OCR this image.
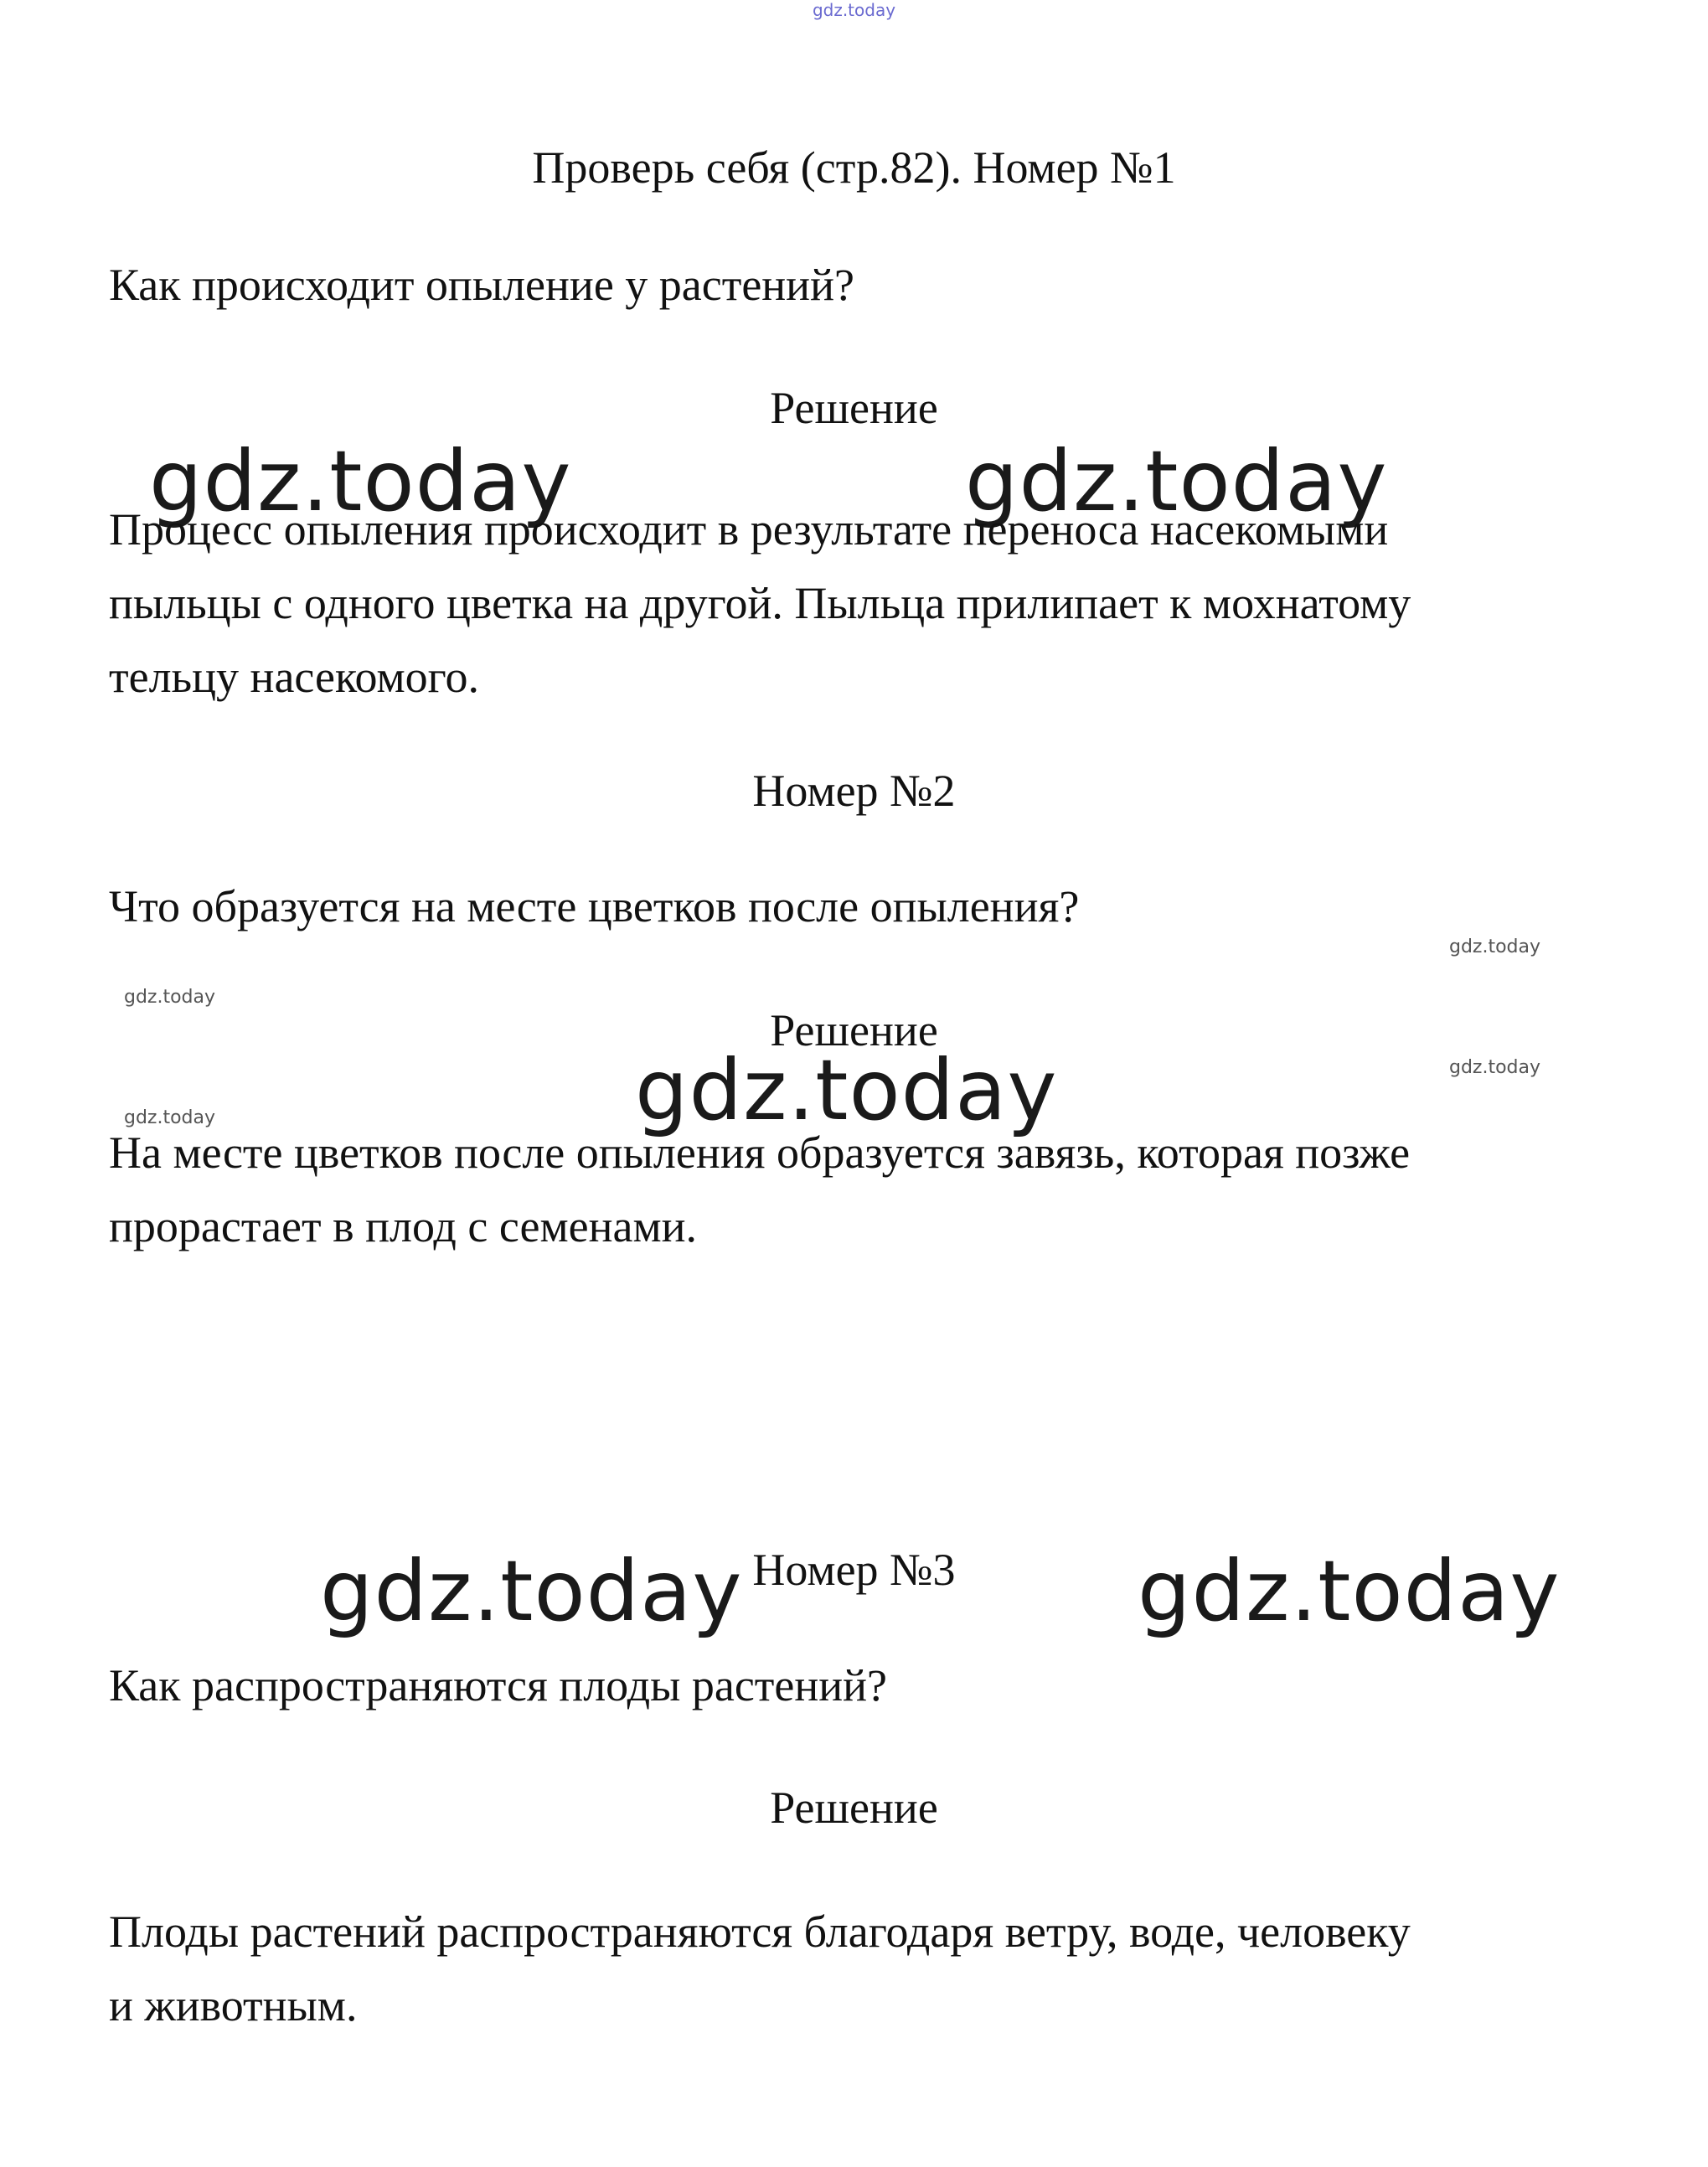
gdz.today
Проверь себя (стр.82). Номер №1
Как происходит опыление у растений?
Решение
gdz.today	gdz.today
Процесс опыления происходит в результате переноса насекомыми
пыльцы с одного цветка на другой. Пыльца прилипает к мохнатому
тельцу насекомого.
Номер №2
Что образуется на месте цветков после опыления?
gdz.today
gdz.today
Решение
gdz.today
gdz.today
gdz.today
На месте цветков после опыления образуется завязь, которая позже
прорастает в плод с семенами.
gdz.today Номер №3	gdz.today
Как распространяются плоды растений?
Решение
Плоды растений распространяются благодаря ветру, воде, человеку
и животным.
